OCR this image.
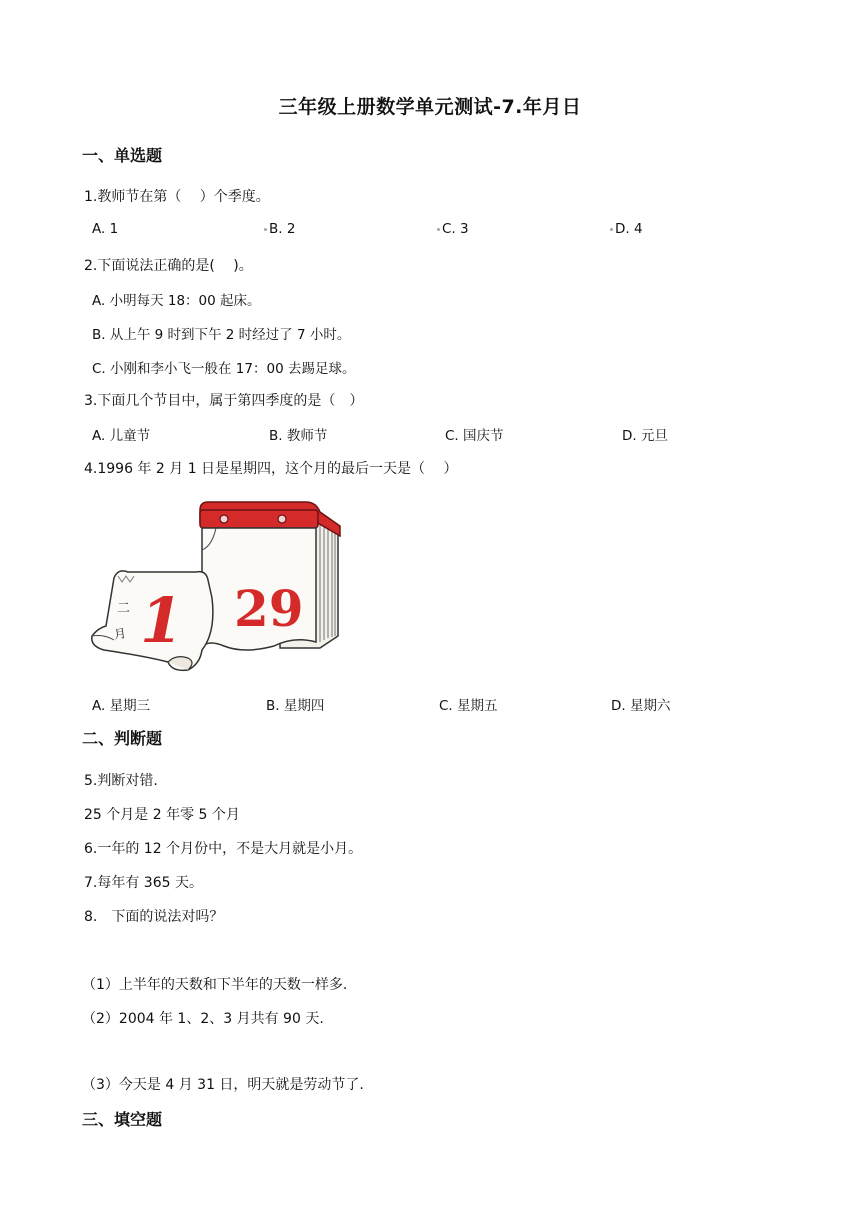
三年级上册数学单元测试-7.年月日
一、单选题
1.教师节在第（　 ）个季度。
A. 1	B. 2	C. 3	D. 4
2.下面说法正确的是(　 )。
A. 小明每天 18：00 起床。
B. 从上午 9 时到下午 2 时经过了 7 小时。
C. 小刚和李小飞一般在 17：00 去踢足球。
3.下面几个节目中，属于第四季度的是（　）
A. 儿童节	B. 教师节	C. 国庆节	D. 元旦
4.1996 年 2 月 1 日是星期四，这个月的最后一天是（　 ）
29
二
月 1
A. 星期三	B. 星期四	C. 星期五	D. 星期六
二、判断题
5.判断对错.
25 个月是 2 年零 5 个月
6.一年的 12 个月份中，不是大月就是小月。
7.每年有 365 天。
8.　下面的说法对吗？
（1）上半年的天数和下半年的天数一样多.
（2）2004 年 1、2、3 月共有 90 天.
（3）今天是 4 月 31 日，明天就是劳动节了.
三、填空题
